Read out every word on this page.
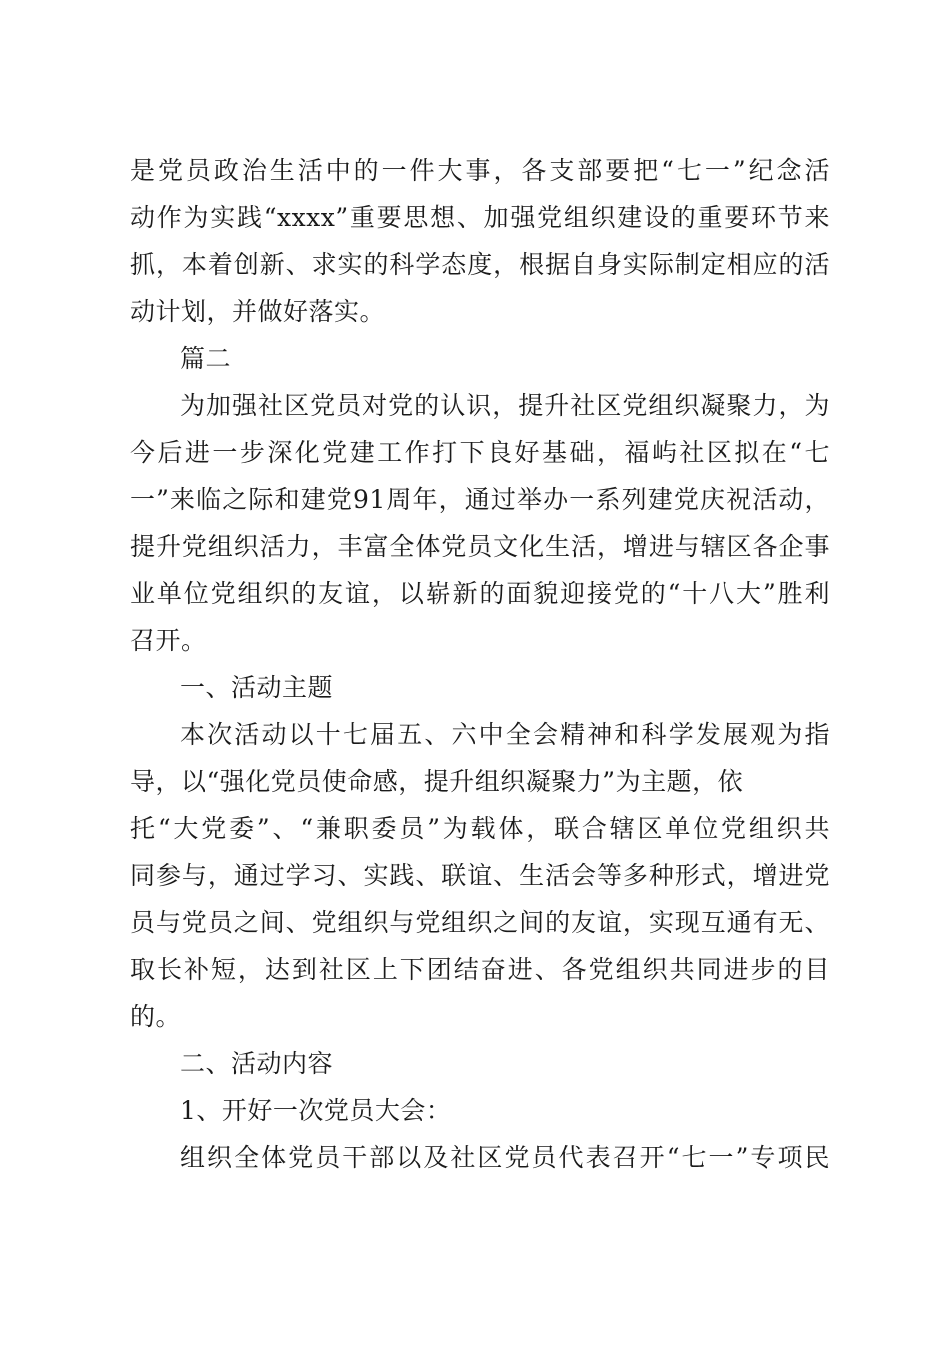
是党员政治生活中的一件大事，各支部要把“七一”纪念活
动作为实践“xxxx”重要思想、加强党组织建设的重要环节来
抓，本着创新、求实的科学态度，根据自身实际制定相应的活
动计划，并做好落实。
篇二
为加强社区党员对党的认识，提升社区党组织凝聚力，为
今后进一步深化党建工作打下良好基础，福屿社区拟在“七
一”来临之际和建党91周年，通过举办一系列建党庆祝活动，
提升党组织活力，丰富全体党员文化生活，增进与辖区各企事
业单位党组织的友谊，以崭新的面貌迎接党的“十八大”胜利
召开。
一、活动主题
本次活动以十七届五、六中全会精神和科学发展观为指
导，以“强化党员使命感，提升组织凝聚力”为主题，依
托“大党委”、“兼职委员”为载体，联合辖区单位党组织共
同参与，通过学习、实践、联谊、生活会等多种形式，增进党
员与党员之间、党组织与党组织之间的友谊，实现互通有无、
取长补短，达到社区上下团结奋进、各党组织共同进步的目
的。
二、活动内容
1、开好一次党员大会：
组织全体党员干部以及社区党员代表召开“七一”专项民
